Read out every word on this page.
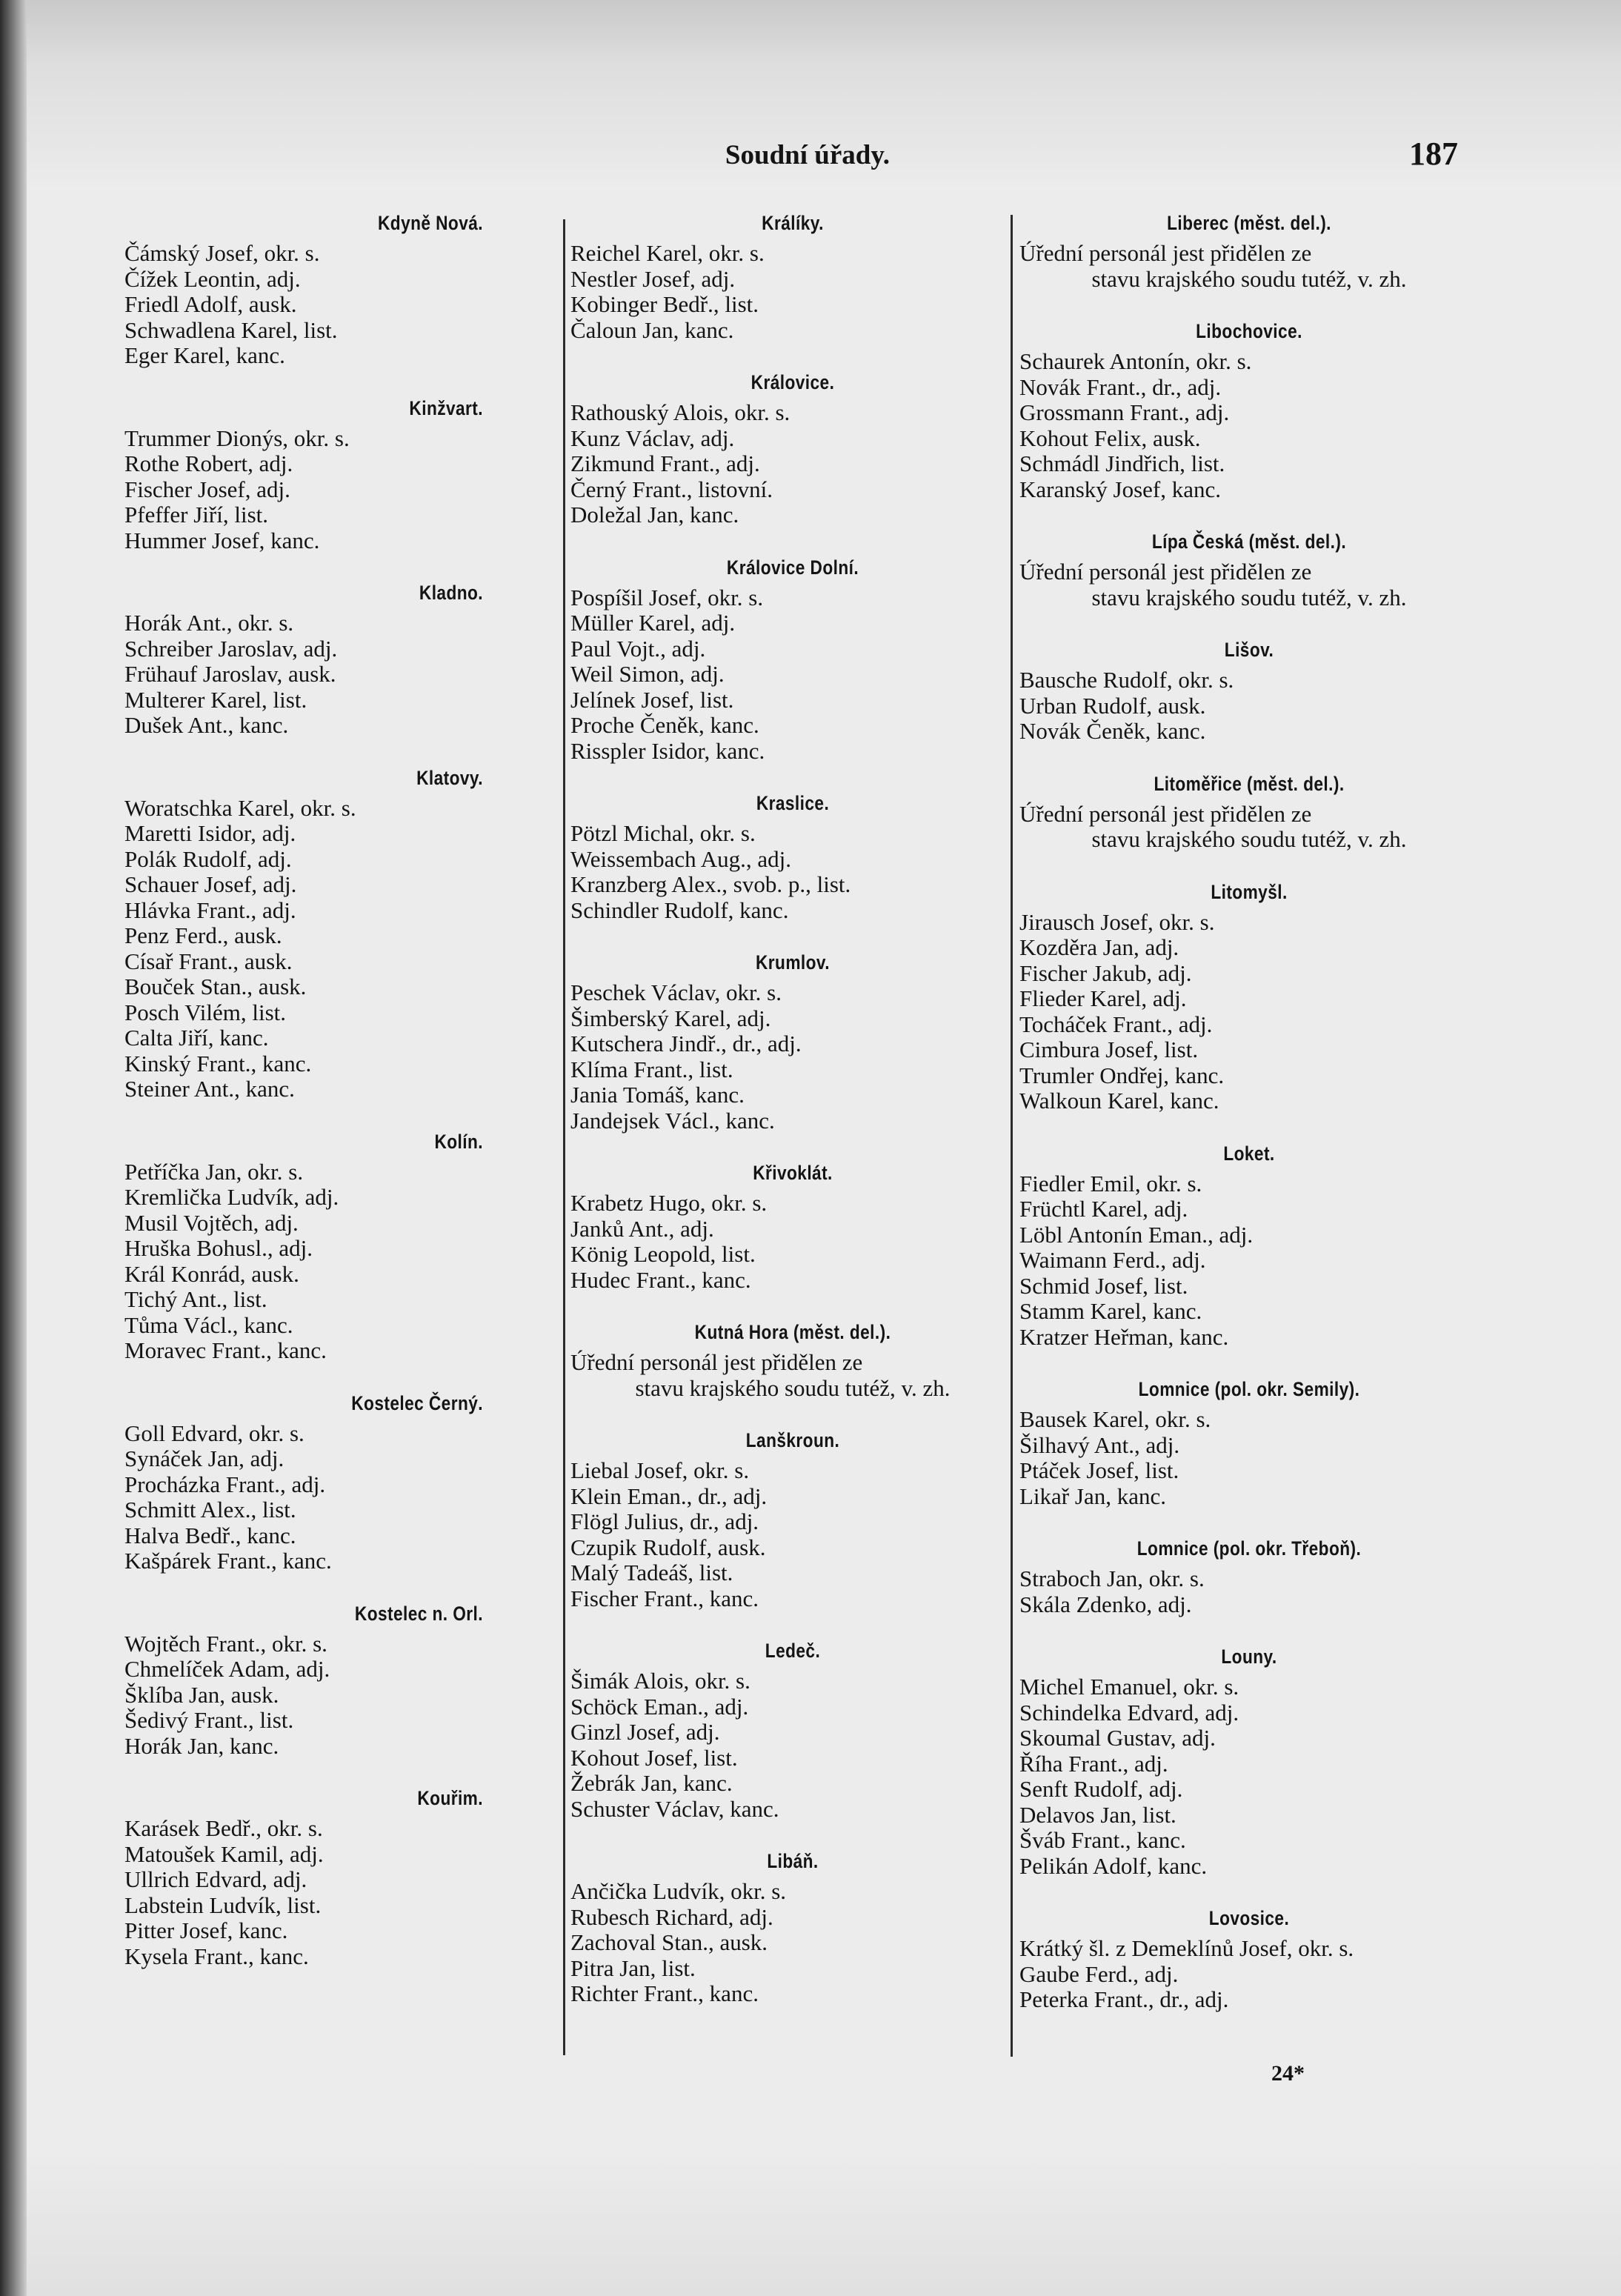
Soudní úřady.	187
Kdyně Nová.
Čámský Josef, okr. s.
Čížek Leontin, adj.
Friedl Adolf, ausk.
Schwadlena Karel, list.
Eger Karel, kanc.
Kinžvart.
Trummer Dionýs, okr. s.
Rothe Robert, adj.
Fischer Josef, adj.
Pfeffer Jiří, list.
Hummer Josef, kanc.
Kladno.
Horák Ant., okr. s.
Schreiber Jaroslav, adj.
Frühauf Jaroslav, ausk.
Multerer Karel, list.
Dušek Ant., kanc.
Klatovy.
Woratschka Karel, okr. s.
Maretti Isidor, adj.
Polák Rudolf, adj.
Schauer Josef, adj.
Hlávka Frant., adj.
Penz Ferd., ausk.
Císař Frant., ausk.
Bouček Stan., ausk.
Posch Vilém, list.
Calta Jiří, kanc.
Kinský Frant., kanc.
Steiner Ant., kanc.
Kolín.
Petříčka Jan, okr. s.
Kremlička Ludvík, adj.
Musil Vojtěch, adj.
Hruška Bohusl., adj.
Král Konrád, ausk.
Tichý Ant., list.
Tůma Václ., kanc.
Moravec Frant., kanc.
Kostelec Černý.
Goll Edvard, okr. s.
Synáček Jan, adj.
Procházka Frant., adj.
Schmitt Alex., list.
Halva Bedř., kanc.
Kašpárek Frant., kanc.
Kostelec n. Orl.
Wojtěch Frant., okr. s.
Chmelíček Adam, adj.
Šklíba Jan, ausk.
Šedivý Frant., list.
Horák Jan, kanc.
Kouřim.
Karásek Bedř., okr. s.
Matoušek Kamil, adj.
Ullrich Edvard, adj.
Labstein Ludvík, list.
Pitter Josef, kanc.
Kysela Frant., kanc.
Králíky.
Reichel Karel, okr. s.
Nestler Josef, adj.
Kobinger Bedř., list.
Čaloun Jan, kanc.
Královice.
Rathouský Alois, okr. s.
Kunz Václav, adj.
Zikmund Frant., adj.
Černý Frant., listovní.
Doležal Jan, kanc.
Královice Dolní.
Pospíšil Josef, okr. s.
Müller Karel, adj.
Paul Vojt., adj.
Weil Simon, adj.
Jelínek Josef, list.
Proche Čeněk, kanc.
Risspler Isidor, kanc.
Kraslice.
Pötzl Michal, okr. s.
Weissembach Aug., adj.
Kranzberg Alex., svob. p., list.
Schindler Rudolf, kanc.
Krumlov.
Peschek Václav, okr. s.
Šimberský Karel, adj.
Kutschera Jindř., dr., adj.
Klíma Frant., list.
Jania Tomáš, kanc.
Jandejsek Václ., kanc.
Křivoklát.
Krabetz Hugo, okr. s.
Janků Ant., adj.
König Leopold, list.
Hudec Frant., kanc.
Kutná Hora (měst. del.).
Úřední personál jest přidělen ze
stavu krajského soudu tutéž, v. zh.
Lanškroun.
Liebal Josef, okr. s.
Klein Eman., dr., adj.
Flögl Julius, dr., adj.
Czupik Rudolf, ausk.
Malý Tadeáš, list.
Fischer Frant., kanc.
Ledeč.
Šimák Alois, okr. s.
Schöck Eman., adj.
Ginzl Josef, adj.
Kohout Josef, list.
Žebrák Jan, kanc.
Schuster Václav, kanc.
Libáň.
Ančička Ludvík, okr. s.
Rubesch Richard, adj.
Zachoval Stan., ausk.
Pitra Jan, list.
Richter Frant., kanc.
Liberec (měst. del.).
Úřední personál jest přidělen ze
stavu krajského soudu tutéž, v. zh.
Libochovice.
Schaurek Antonín, okr. s.
Novák Frant., dr., adj.
Grossmann Frant., adj.
Kohout Felix, ausk.
Schmádl Jindřich, list.
Karanský Josef, kanc.
Lípa Česká (měst. del.).
Úřední personál jest přidělen ze
stavu krajského soudu tutéž, v. zh.
Lišov.
Bausche Rudolf, okr. s.
Urban Rudolf, ausk.
Novák Čeněk, kanc.
Litoměřice (měst. del.).
Úřední personál jest přidělen ze
stavu krajského soudu tutéž, v. zh.
Litomyšl.
Jirausch Josef, okr. s.
Kozděra Jan, adj.
Fischer Jakub, adj.
Flieder Karel, adj.
Tocháček Frant., adj.
Cimbura Josef, list.
Trumler Ondřej, kanc.
Walkoun Karel, kanc.
Loket.
Fiedler Emil, okr. s.
Früchtl Karel, adj.
Löbl Antonín Eman., adj.
Waimann Ferd., adj.
Schmid Josef, list.
Stamm Karel, kanc.
Kratzer Heřman, kanc.
Lomnice (pol. okr. Semily).
Bausek Karel, okr. s.
Šilhavý Ant., adj.
Ptáček Josef, list.
Likař Jan, kanc.
Lomnice (pol. okr. Třeboň).
Straboch Jan, okr. s.
Skála Zdenko, adj.
Louny.
Michel Emanuel, okr. s.
Schindelka Edvard, adj.
Skoumal Gustav, adj.
Říha Frant., adj.
Senft Rudolf, adj.
Delavos Jan, list.
Šváb Frant., kanc.
Pelikán Adolf, kanc.
Lovosice.
Krátký šl. z Demeklínů Josef, okr. s.
Gaube Ferd., adj.
Peterka Frant., dr., adj.
24*
